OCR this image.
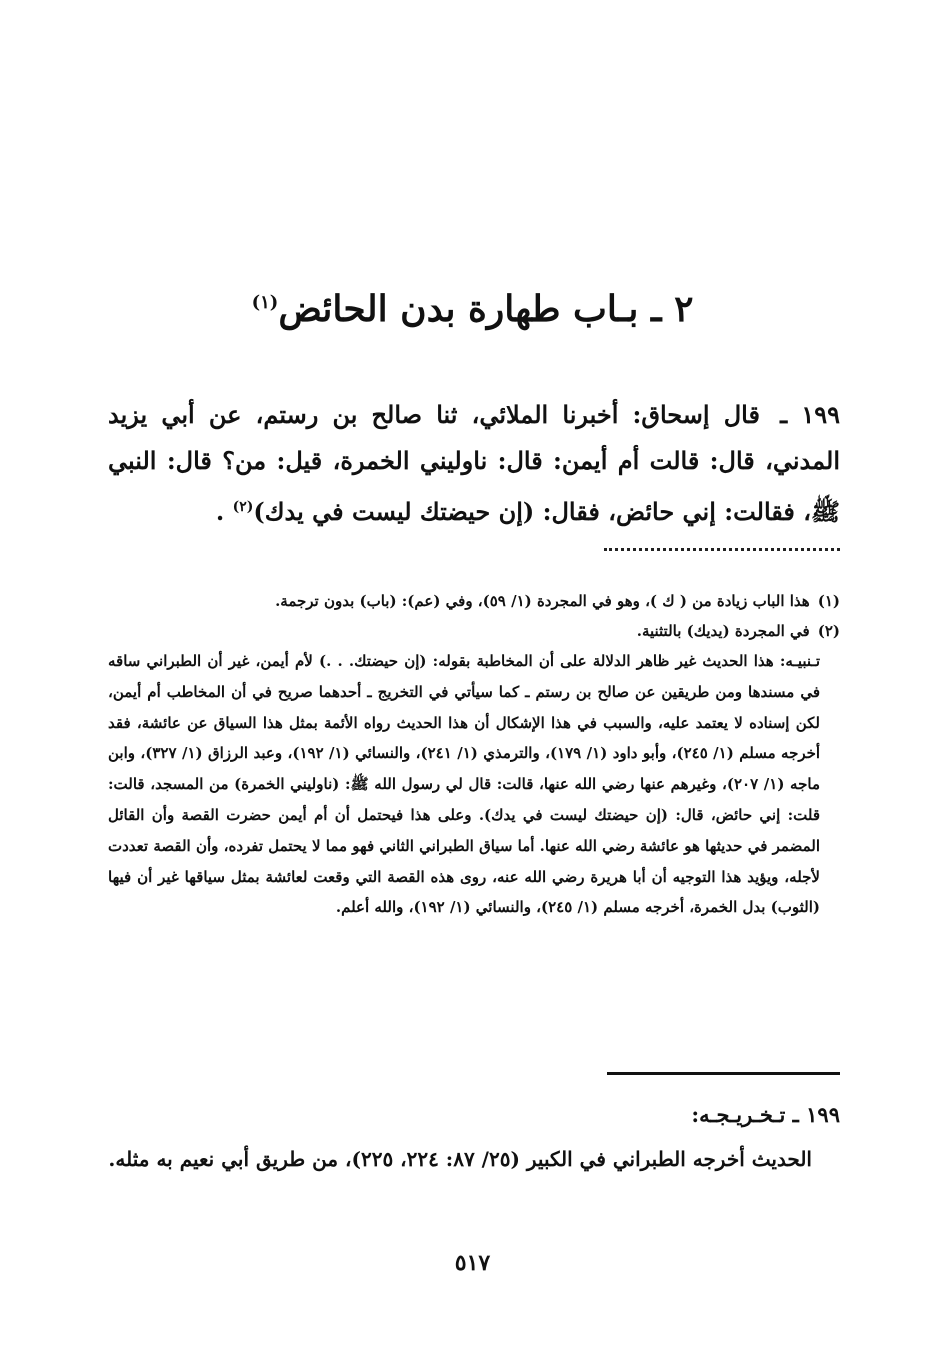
٢ ـ بـاب طهارة بدن الحائض$^{(١)}$

١٩٩ ـ قال إسحاق: أخبرنا الملائي، ثنا صالح بن رستم، عن أبي يزيد المدني، قال: قالت أم أيمن: قال: ناوليني الخمرة، قيل: من؟ قال: النبي ﷺ، فقالت: إني حائض، فقال: (إن حيضتك ليست في يدك)$^{(٢)}$ .

(١)هذا الباب زيادة من ( ك )، وهو في المجردة (١/ ٥٩)، وفي (عم): (باب) بدون ترجمة.

(٢)في المجردة (يديك) بالتثنية.

تـنبيـه: هذا الحديث غير ظاهر الدلالة على أن المخاطبة بقوله: (إن حيضتك. . .) لأم أيمن، غير أن الطبراني ساقه في مسندها ومن طريقين عن صالح بن رستم ـ كما سيأتي في التخريج ـ أحدهما صريح في أن المخاطب أم أيمن، لكن إسناده لا يعتمد عليه، والسبب في هذا الإشكال أن هذا الحديث رواه الأئمة بمثل هذا السياق عن عائشة، فقد أخرجه مسلم (١/ ٢٤٥)، وأبو داود (١/ ١٧٩)، والترمذي (١/ ٢٤١)، والنسائي (١/ ١٩٢)، وعبد الرزاق (١/ ٣٢٧)، وابن ماجه (١/ ٢٠٧)، وغيرهم عنها رضي الله عنها، قالت: قال لي رسول الله ﷺ: (ناوليني الخمرة) من المسجد، قالت: قلت: إني حائض، قال: (إن حيضتك ليست في يدك). وعلى هذا فيحتمل أن أم أيمن حضرت القصة وأن القائل المضمر في حديثها هو عائشة رضي الله عنها. أما سياق الطبراني الثاني فهو مما لا يحتمل تفرده، وأن القصة تعددت لأجله، ويؤيد هذا التوجيه أن أبا هريرة رضي الله عنه، روى هذه القصة التي وقعت لعائشة بمثل سياقها غير أن فيها (الثوب) بدل الخمرة، أخرجه مسلم (١/ ٢٤٥)، والنسائي (١/ ١٩٢)، والله أعلم.

١٩٩ ـ تـخـريـجـه:

الحديث أخرجه الطبراني في الكبير (٢٥/ ٨٧: ٢٢٤، ٢٢٥)، من طريق أبي نعيم به مثله.

٥١٧
